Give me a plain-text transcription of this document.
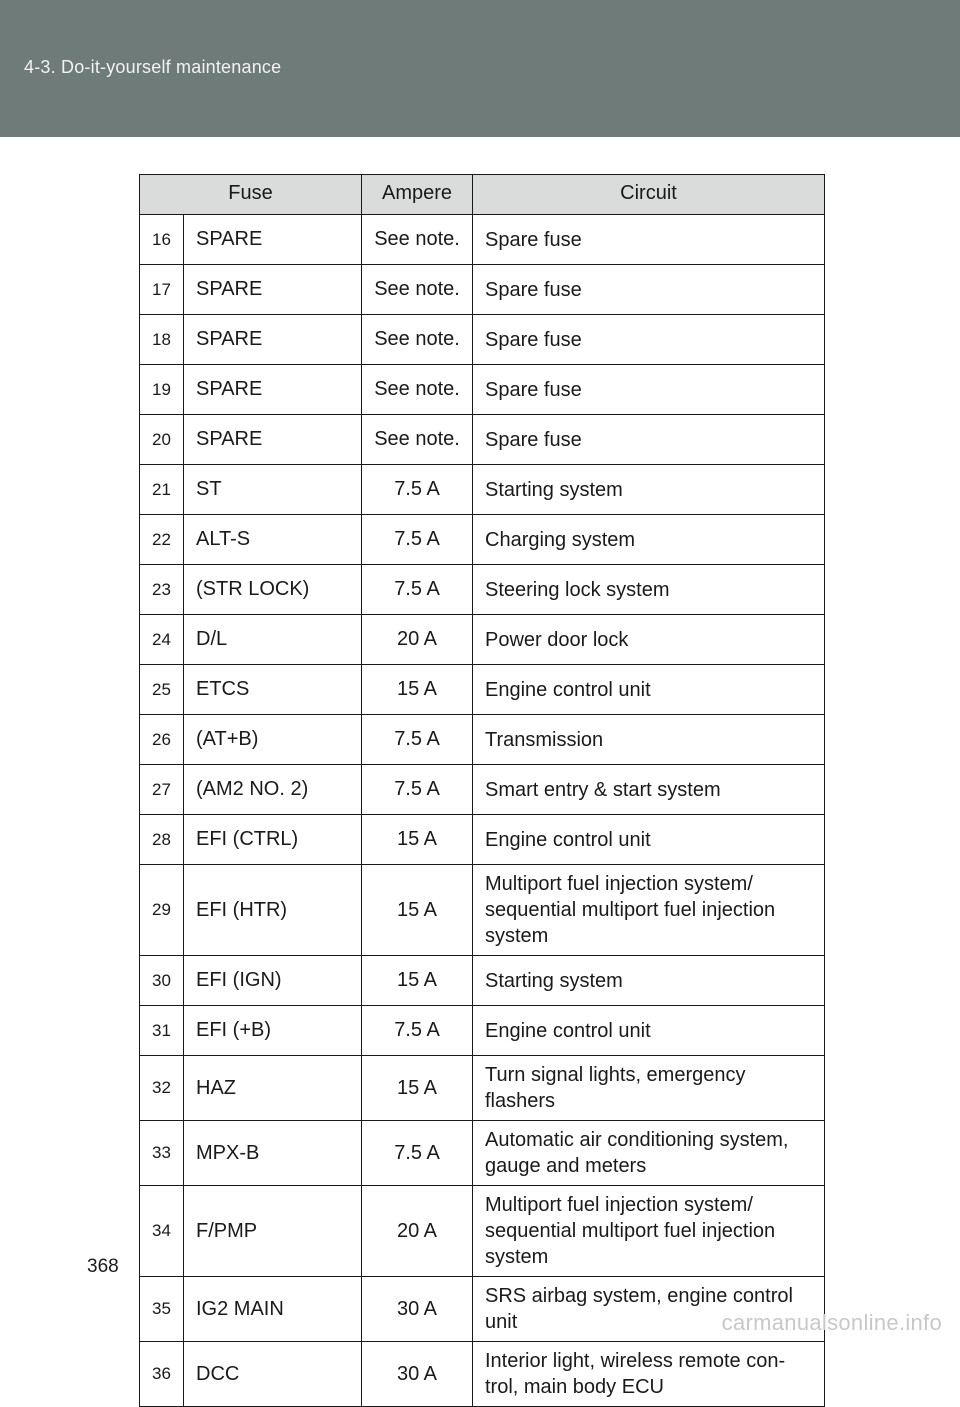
4-3. Do-it-yourself maintenance
Fuse		Ampere	Circuit
16	SPARE	See note.	Spare fuse
17	SPARE	See note.	Spare fuse
18	SPARE	See note.	Spare fuse
19	SPARE	See note.	Spare fuse
20	SPARE	See note.	Spare fuse
21	ST	7.5 A	Starting system
22	ALT-S	7.5 A	Charging system
23	(STR LOCK)	7.5 A	Steering lock system
24	D/L	20 A	Power door lock
25	ETCS	15 A	Engine control unit
26	(AT+B)	7.5 A	Transmission
27	(AM2 NO. 2)	7.5 A	Smart entry & start system
28	EFI (CTRL)	15 A	Engine control unit
29	EFI (HTR)	15 A	Multiport fuel injection system/ sequential multiport fuel injection system
30	EFI (IGN)	15 A	Starting system
31	EFI (+B)	7.5 A	Engine control unit
32	HAZ	15 A	Turn signal lights, emergency flashers
33	MPX-B	7.5 A	Automatic air conditioning system, gauge and meters
34	F/PMP	20 A	Multiport fuel injection system/ sequential multiport fuel injection system
35	IG2 MAIN	30 A	SRS airbag system, engine control unit
36	DCC	30 A	Interior light, wireless remote con-trol, main body ECU
368
carmanualsonline.info
